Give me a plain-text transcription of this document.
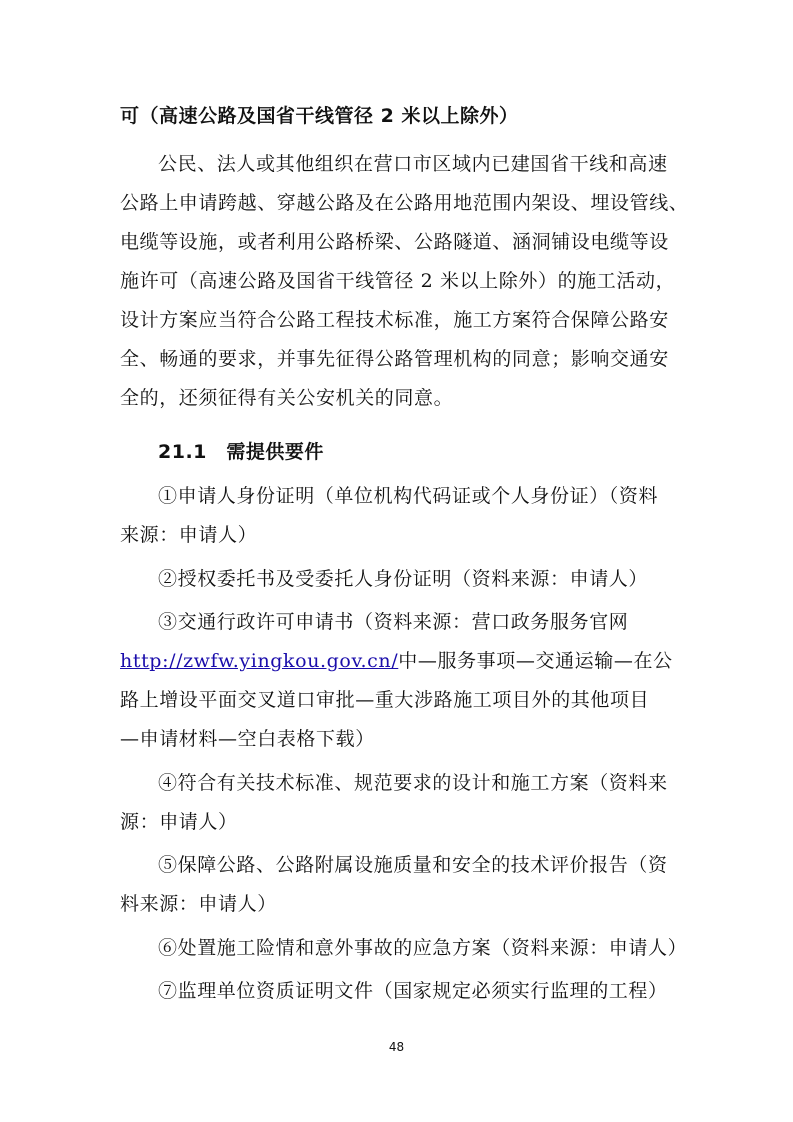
可（高速公路及国省干线管径 2 米以上除外）

公民、法人或其他组织在营口市区域内已建国省干线和高速

公路上申请跨越、穿越公路及在公路用地范围内架设、埋设管线、

电缆等设施，或者利用公路桥梁、公路隧道、涵洞铺设电缆等设

施许可（高速公路及国省干线管径 2 米以上除外）的施工活动，

设计方案应当符合公路工程技术标准，施工方案符合保障公路安

全、畅通的要求，并事先征得公路管理机构的同意；影响交通安

全的，还须征得有关公安机关的同意。

21.1　需提供要件

①申请人身份证明（单位机构代码证或个人身份证）（资料

来源：申请人）

②授权委托书及受委托人身份证明（资料来源：申请人）

③交通行政许可申请书（资料来源：营口政务服务官网

http://zwfw.yingkou.gov.cn/中—服务事项—交通运输—在公

路上增设平面交叉道口审批—重大涉路施工项目外的其他项目

—申请材料—空白表格下载）

④符合有关技术标准、规范要求的设计和施工方案（资料来

源：申请人）

⑤保障公路、公路附属设施质量和安全的技术评价报告（资

料来源：申请人）

⑥处置施工险情和意外事故的应急方案（资料来源：申请人）

⑦监理单位资质证明文件（国家规定必须实行监理的工程）

48
